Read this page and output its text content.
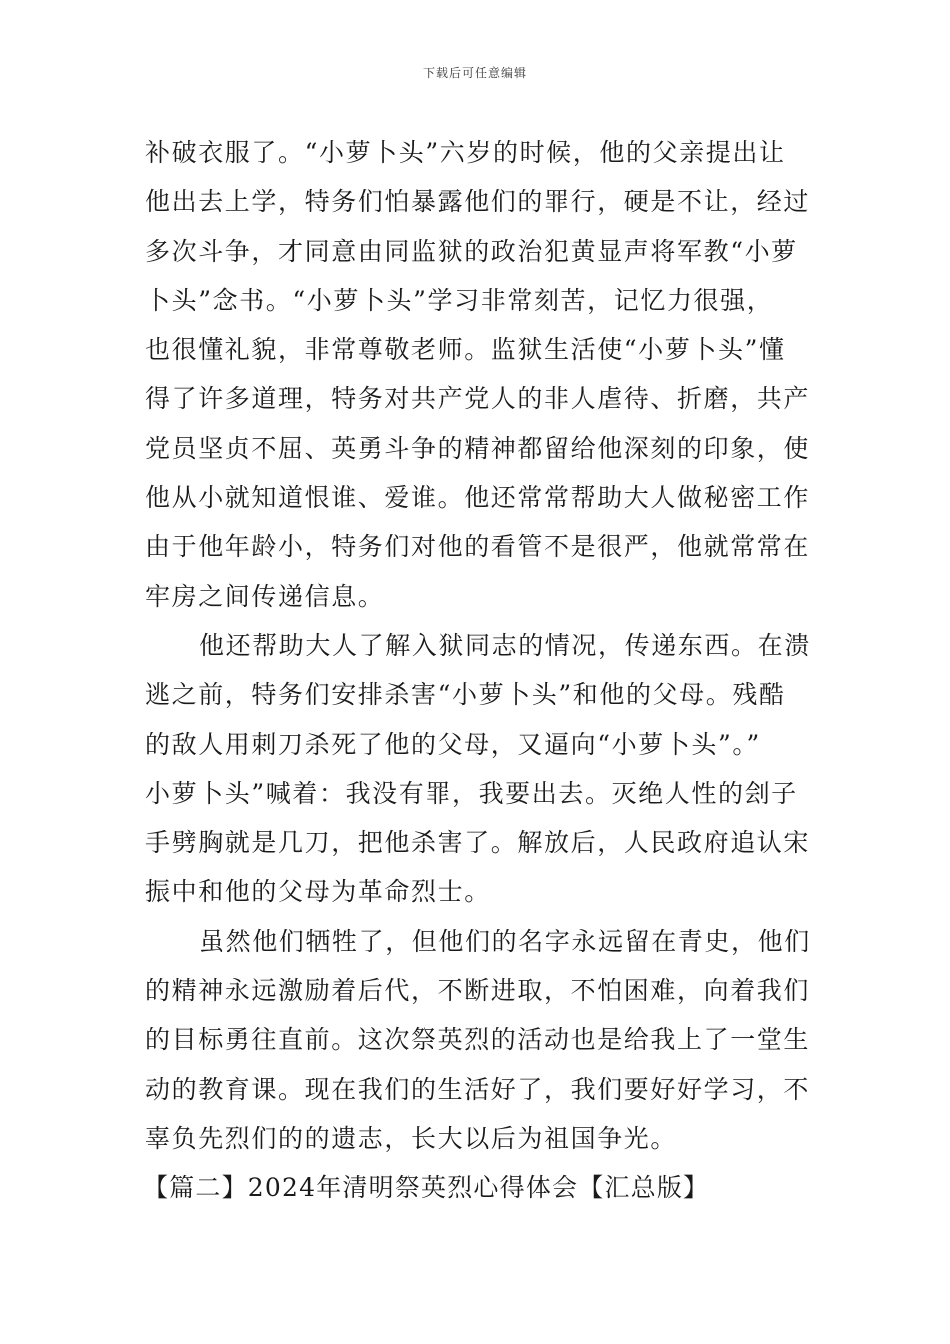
下载后可任意编辑
补破衣服了。“小萝卜头”六岁的时候，他的父亲提出让
他出去上学，特务们怕暴露他们的罪行，硬是不让，经过
多次斗争，才同意由同监狱的政治犯黄显声将军教“小萝
卜头”念书。“小萝卜头”学习非常刻苦，记忆力很强，
也很懂礼貌，非常尊敬老师。监狱生活使“小萝卜头”懂
得了许多道理，特务对共产党人的非人虐待、折磨，共产
党员坚贞不屈、英勇斗争的精神都留给他深刻的印象，使
他从小就知道恨谁、爱谁。他还常常帮助大人做秘密工作
由于他年龄小，特务们对他的看管不是很严，他就常常在
牢房之间传递信息。
他还帮助大人了解入狱同志的情况，传递东西。在溃
逃之前，特务们安排杀害“小萝卜头”和他的父母。残酷
的敌人用刺刀杀死了他的父母，又逼向“小萝卜头”。”
小萝卜头”喊着：我没有罪，我要出去。灭绝人性的刽子
手劈胸就是几刀，把他杀害了。解放后，人民政府追认宋
振中和他的父母为革命烈士。
虽然他们牺牲了，但他们的名字永远留在青史，他们
的精神永远激励着后代，不断进取，不怕困难，向着我们
的目标勇往直前。这次祭英烈的活动也是给我上了一堂生
动的教育课。现在我们的生活好了，我们要好好学习，不
辜负先烈们的的遗志，长大以后为祖国争光。
【篇二】2024年清明祭英烈心得体会【汇总版】
